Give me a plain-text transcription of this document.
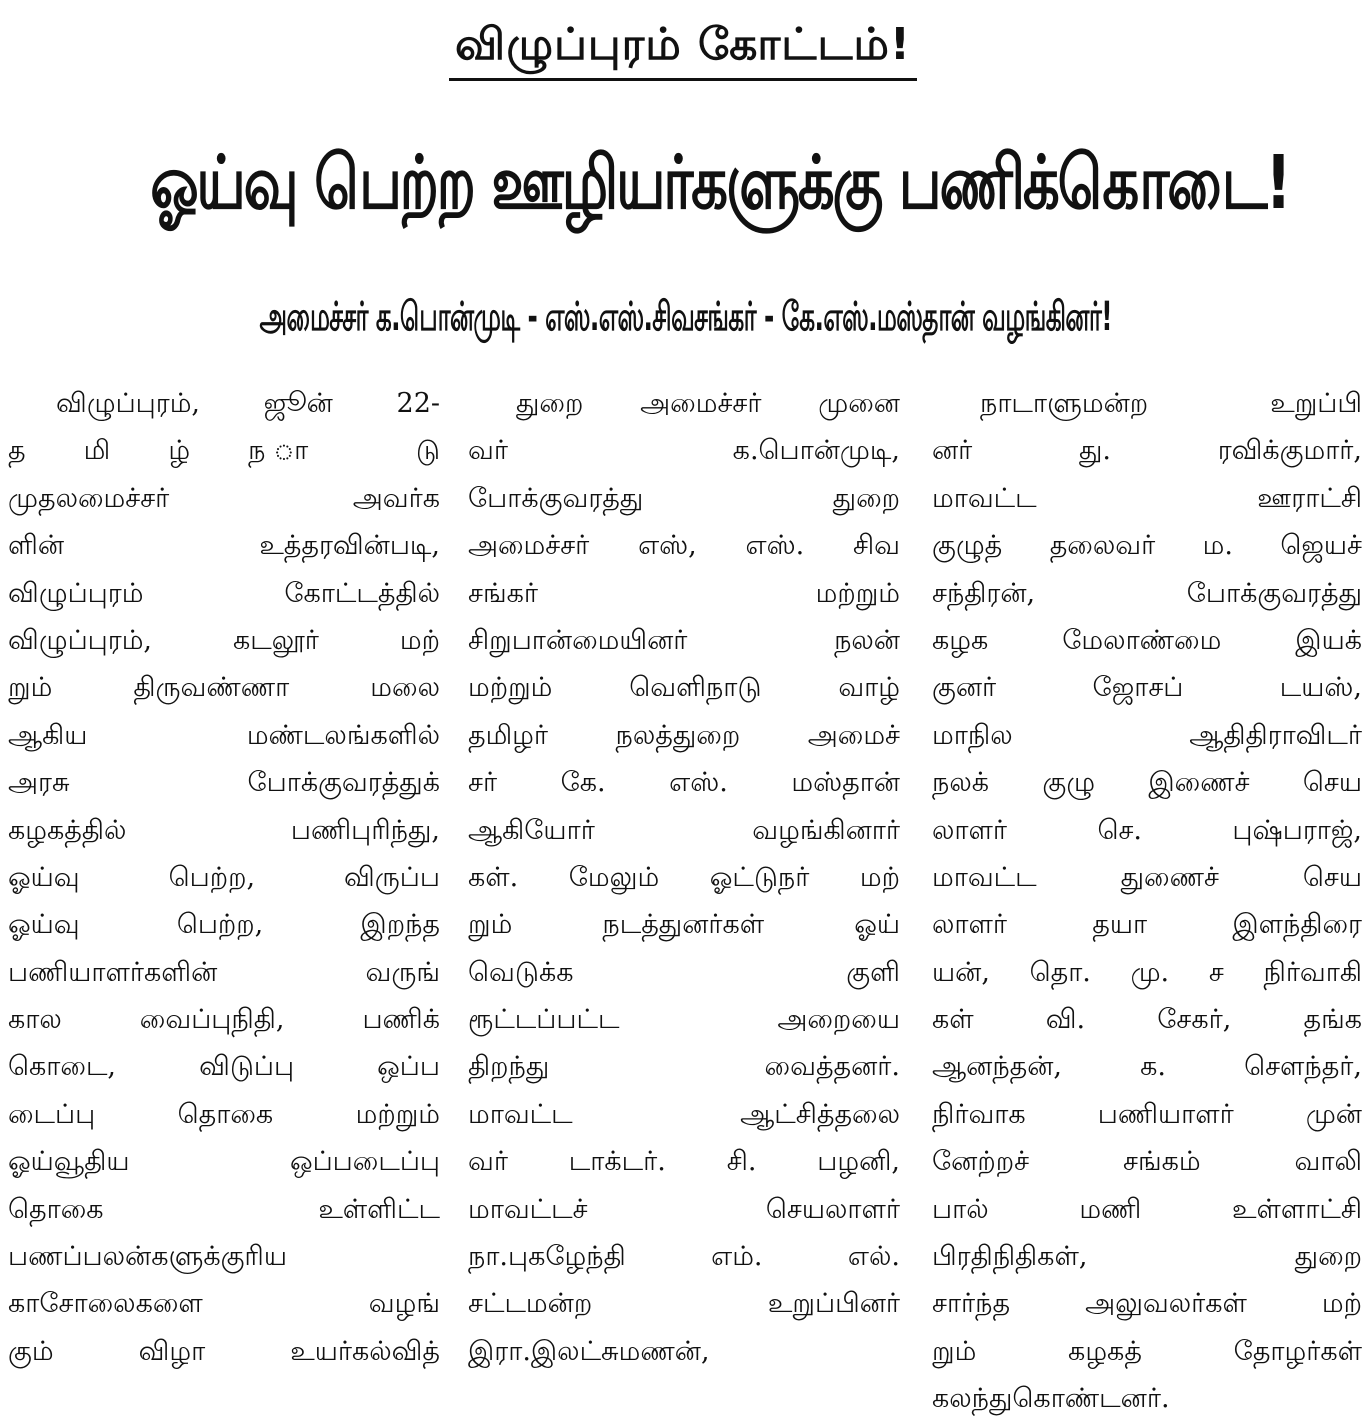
விழுப்புரம் கோட்டம்!
ஓய்வு பெற்ற ஊழியர்களுக்கு பணிக்கொடை!
அமைச்சர் க.பொன்முடி - எஸ்.எஸ்.சிவசங்கர் - கே.எஸ்.மஸ்தான் வழங்கினர்!
விழுப்புரம், ஜூன் 22-
த மி ழ் ந ா டு
முதலமைச்சர் அவர்க
ளின் உத்தரவின்படி,
விழுப்புரம் கோட்டத்தில்
விழுப்புரம், கடலூர் மற்
றும் திருவண்ணா மலை
ஆகிய மண்டலங்களில்
அரசு போக்குவரத்துக்
கழகத்தில் பணிபுரிந்து,
ஓய்வு பெற்ற, விருப்ப
ஓய்வு பெற்ற, இறந்த
பணியாளர்களின் வருங்
கால வைப்புநிதி, பணிக்
கொடை, விடுப்பு ஒப்ப
டைப்பு தொகை மற்றும்
ஓய்வூதிய ஒப்படைப்பு
தொகை உள்ளிட்ட
பணப்பலன்களுக்குரிய
காசோலைகளை வழங்
கும் விழா உயர்கல்வித்
துறை அமைச்சர் முனை
வர் க.பொன்முடி,
போக்குவரத்து துறை
அமைச்சர் எஸ், எஸ். சிவ
சங்கர் மற்றும்
சிறுபான்மையினர் நலன்
மற்றும் வெளிநாடு வாழ்
தமிழர் நலத்துறை அமைச்
சர் கே. எஸ். மஸ்தான்
ஆகியோர் வழங்கினார்
கள். மேலும் ஓட்டுநர் மற்
றும் நடத்துனர்கள் ஓய்
வெடுக்க குளி
ரூட்டப்பட்ட அறையை
திறந்து வைத்தனர்.
மாவட்ட ஆட்சித்தலை
வர் டாக்டர். சி. பழனி,
மாவட்டச் செயலாளர்
நா.புகழேந்தி எம். எல்.
சட்டமன்ற உறுப்பினர்
இரா.இலட்சுமணன்,
நாடாளுமன்ற உறுப்பி
னர் து. ரவிக்குமார்,
மாவட்ட ஊராட்சி
குழுத் தலைவர் ம. ஜெயச்
சந்திரன், போக்குவரத்து
கழக மேலாண்மை இயக்
குனர் ஜோசப் டயஸ்,
மாநில ஆதிதிராவிடர்
நலக் குழு இணைச் செய
லாளர் செ. புஷ்பராஜ்,
மாவட்ட துணைச் செய
லாளர் தயா இளந்திரை
யன், தொ. மு. ச நிர்வாகி
கள் வி. சேகர், தங்க
ஆனந்தன், க. சௌந்தர்,
நிர்வாக பணியாளர் முன்
னேற்றச் சங்கம் வாலி
பால் மணி உள்ளாட்சி
பிரதிநிதிகள், துறை
சார்ந்த அலுவலர்கள் மற்
றும் கழகத் தோழர்கள்
கலந்துகொண்டனர்.
